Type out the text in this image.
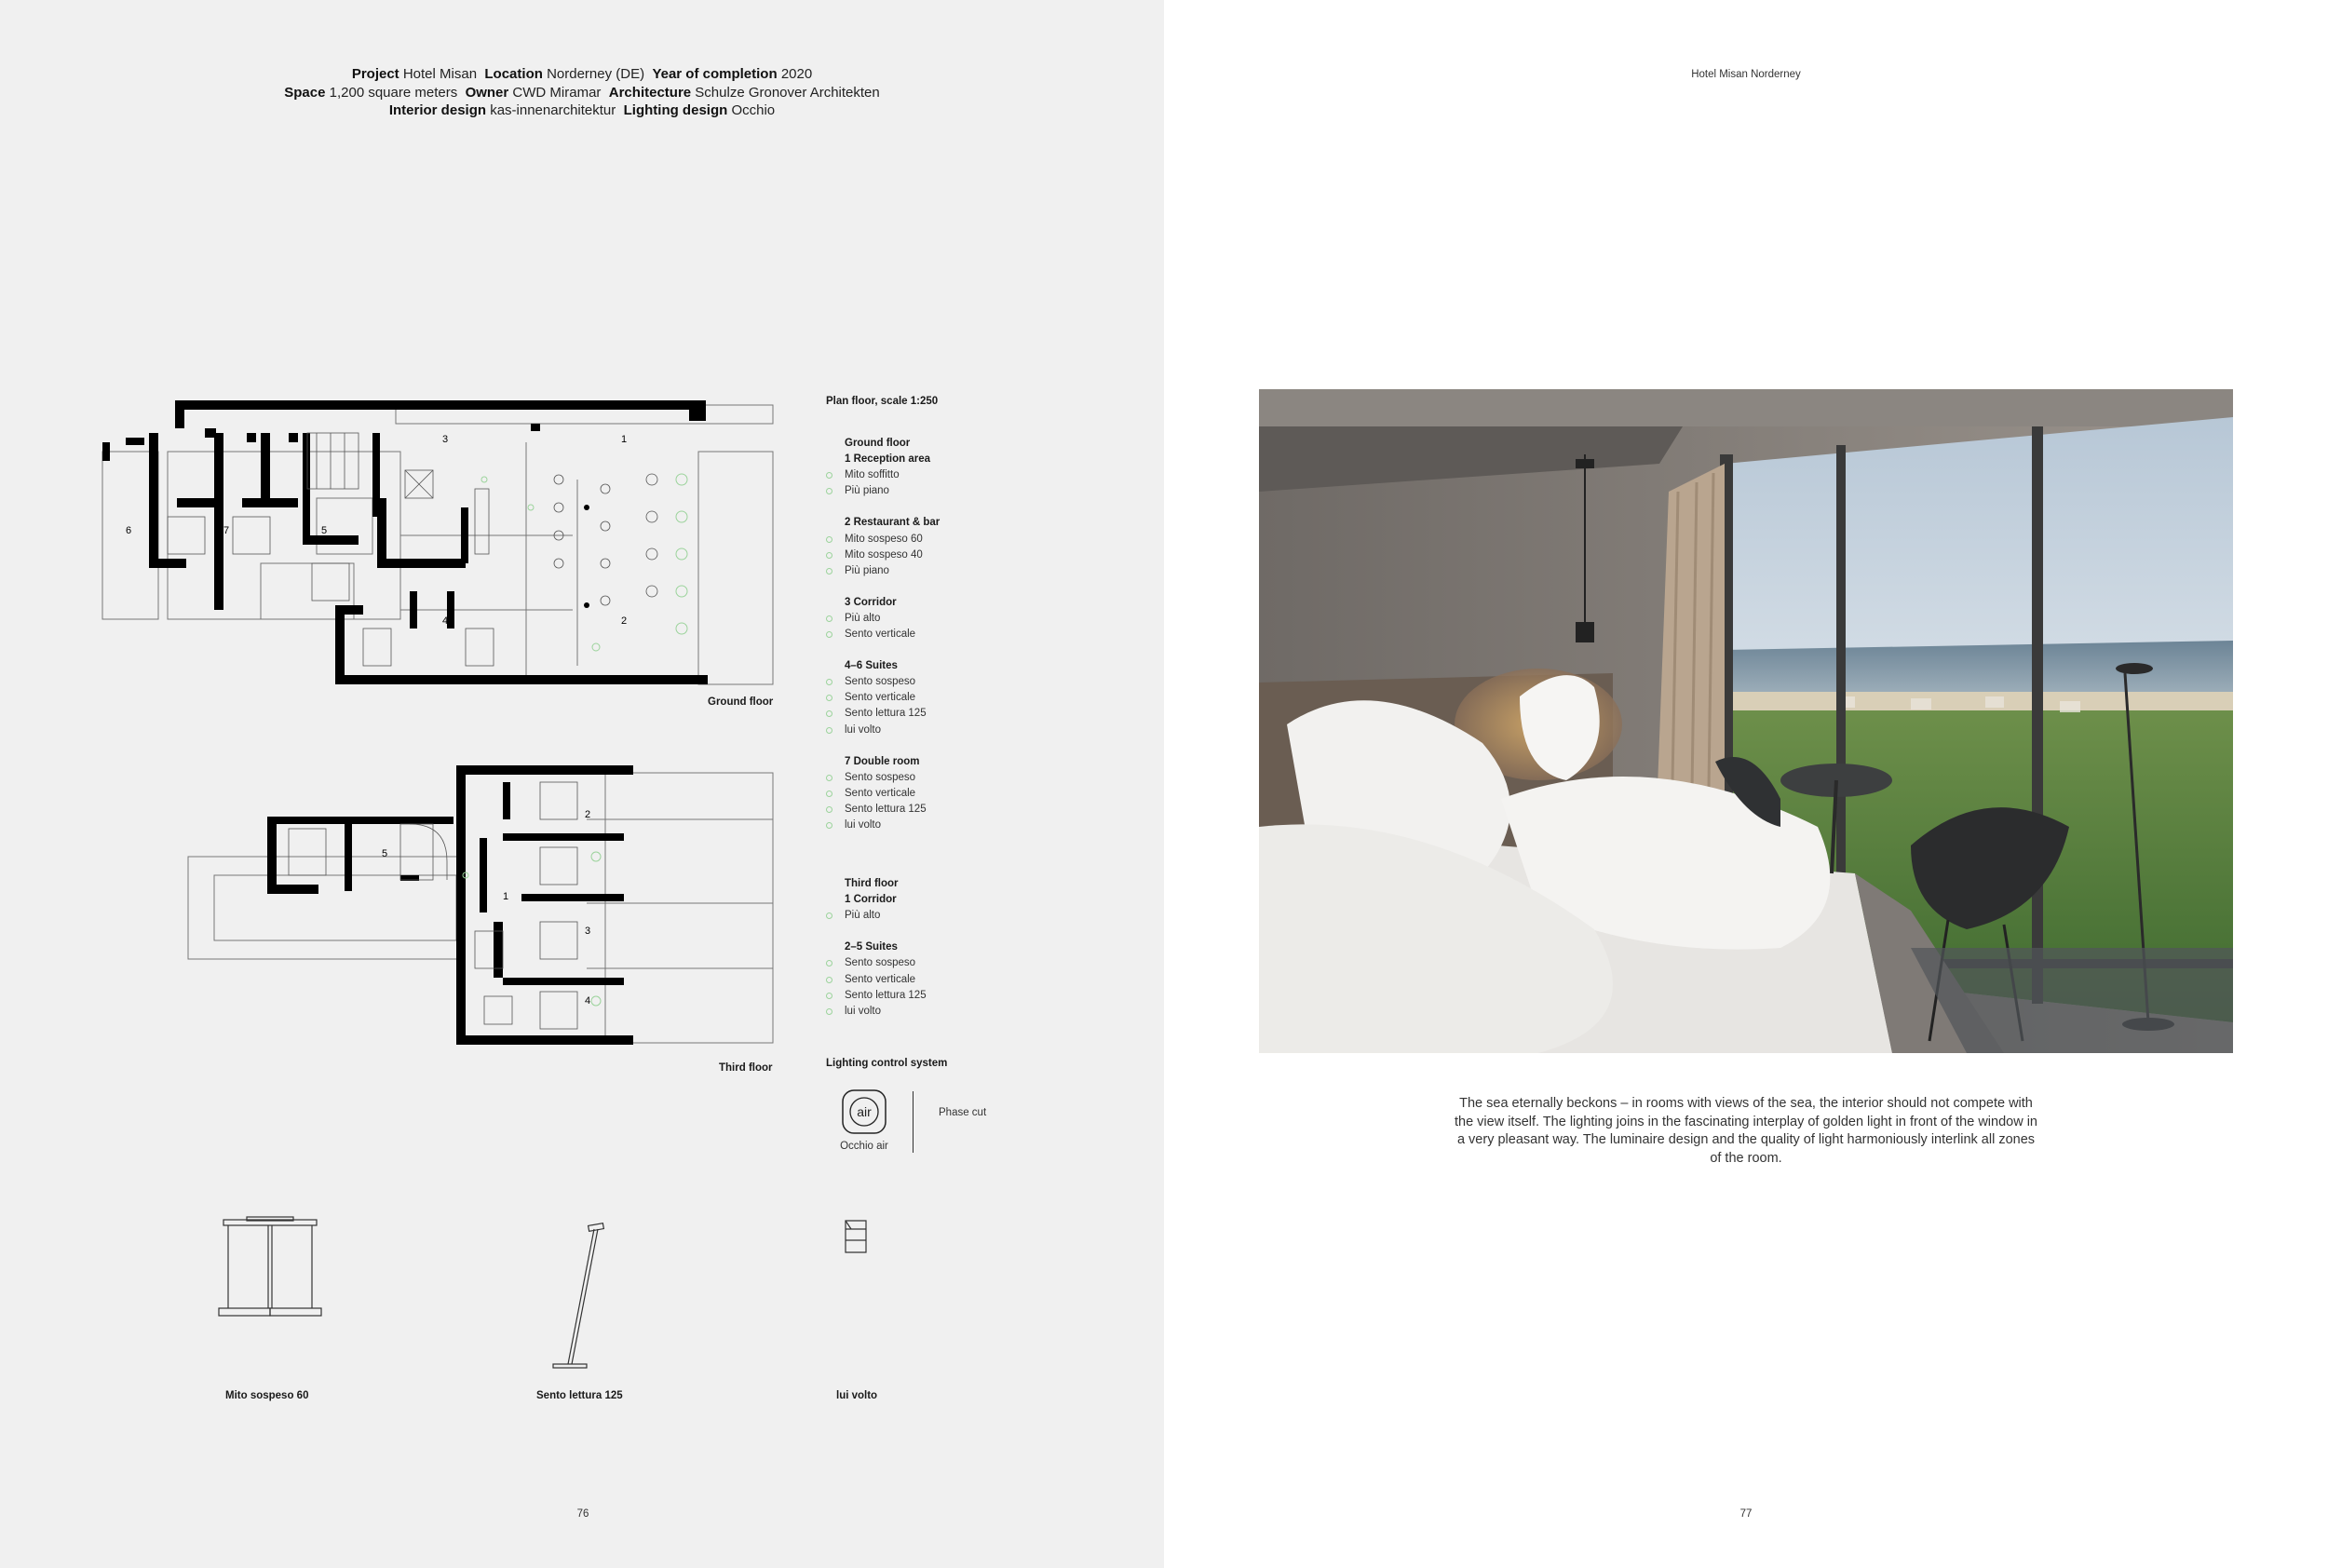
Project Hotel Misan Location Norderney (DE) Year of completion 2020
Space 1,200 square meters Owner CWD Miramar Architecture Schulze Gronover Architekten
Interior design kas-innenarchitektur Lighting design Occhio
3	1
2
4
5
6	7
Ground floor
1
2
3
4
5
Third floor
Plan floor, scale 1:250
Ground floor
1 Reception area
Mito soffitto
Più piano
2 Restaurant & bar
Mito sospeso 60
Mito sospeso 40
Più piano
3 Corridor
Più alto
Sento verticale
4–6 Suites
Sento sospeso
Sento verticale
Sento lettura 125
lui volto
7 Double room
Sento sospeso
Sento verticale
Sento lettura 125
lui volto
Third floor
1 Corridor
Più alto
2–5 Suites
Sento sospeso
Sento verticale
Sento lettura 125
lui volto
Lighting control system
air
Occhio air
Phase cut
Mito sospeso 60	Sento lettura 125	lui volto
76
Hotel Misan Norderney
77
The sea eternally beckons – in rooms with views of the sea, the interior should not compete with the view itself. The lighting joins in the fascinating interplay of golden light in front of the window in a very pleasant way. The luminaire design and the quality of light harmoniously interlink all zones of the room.
